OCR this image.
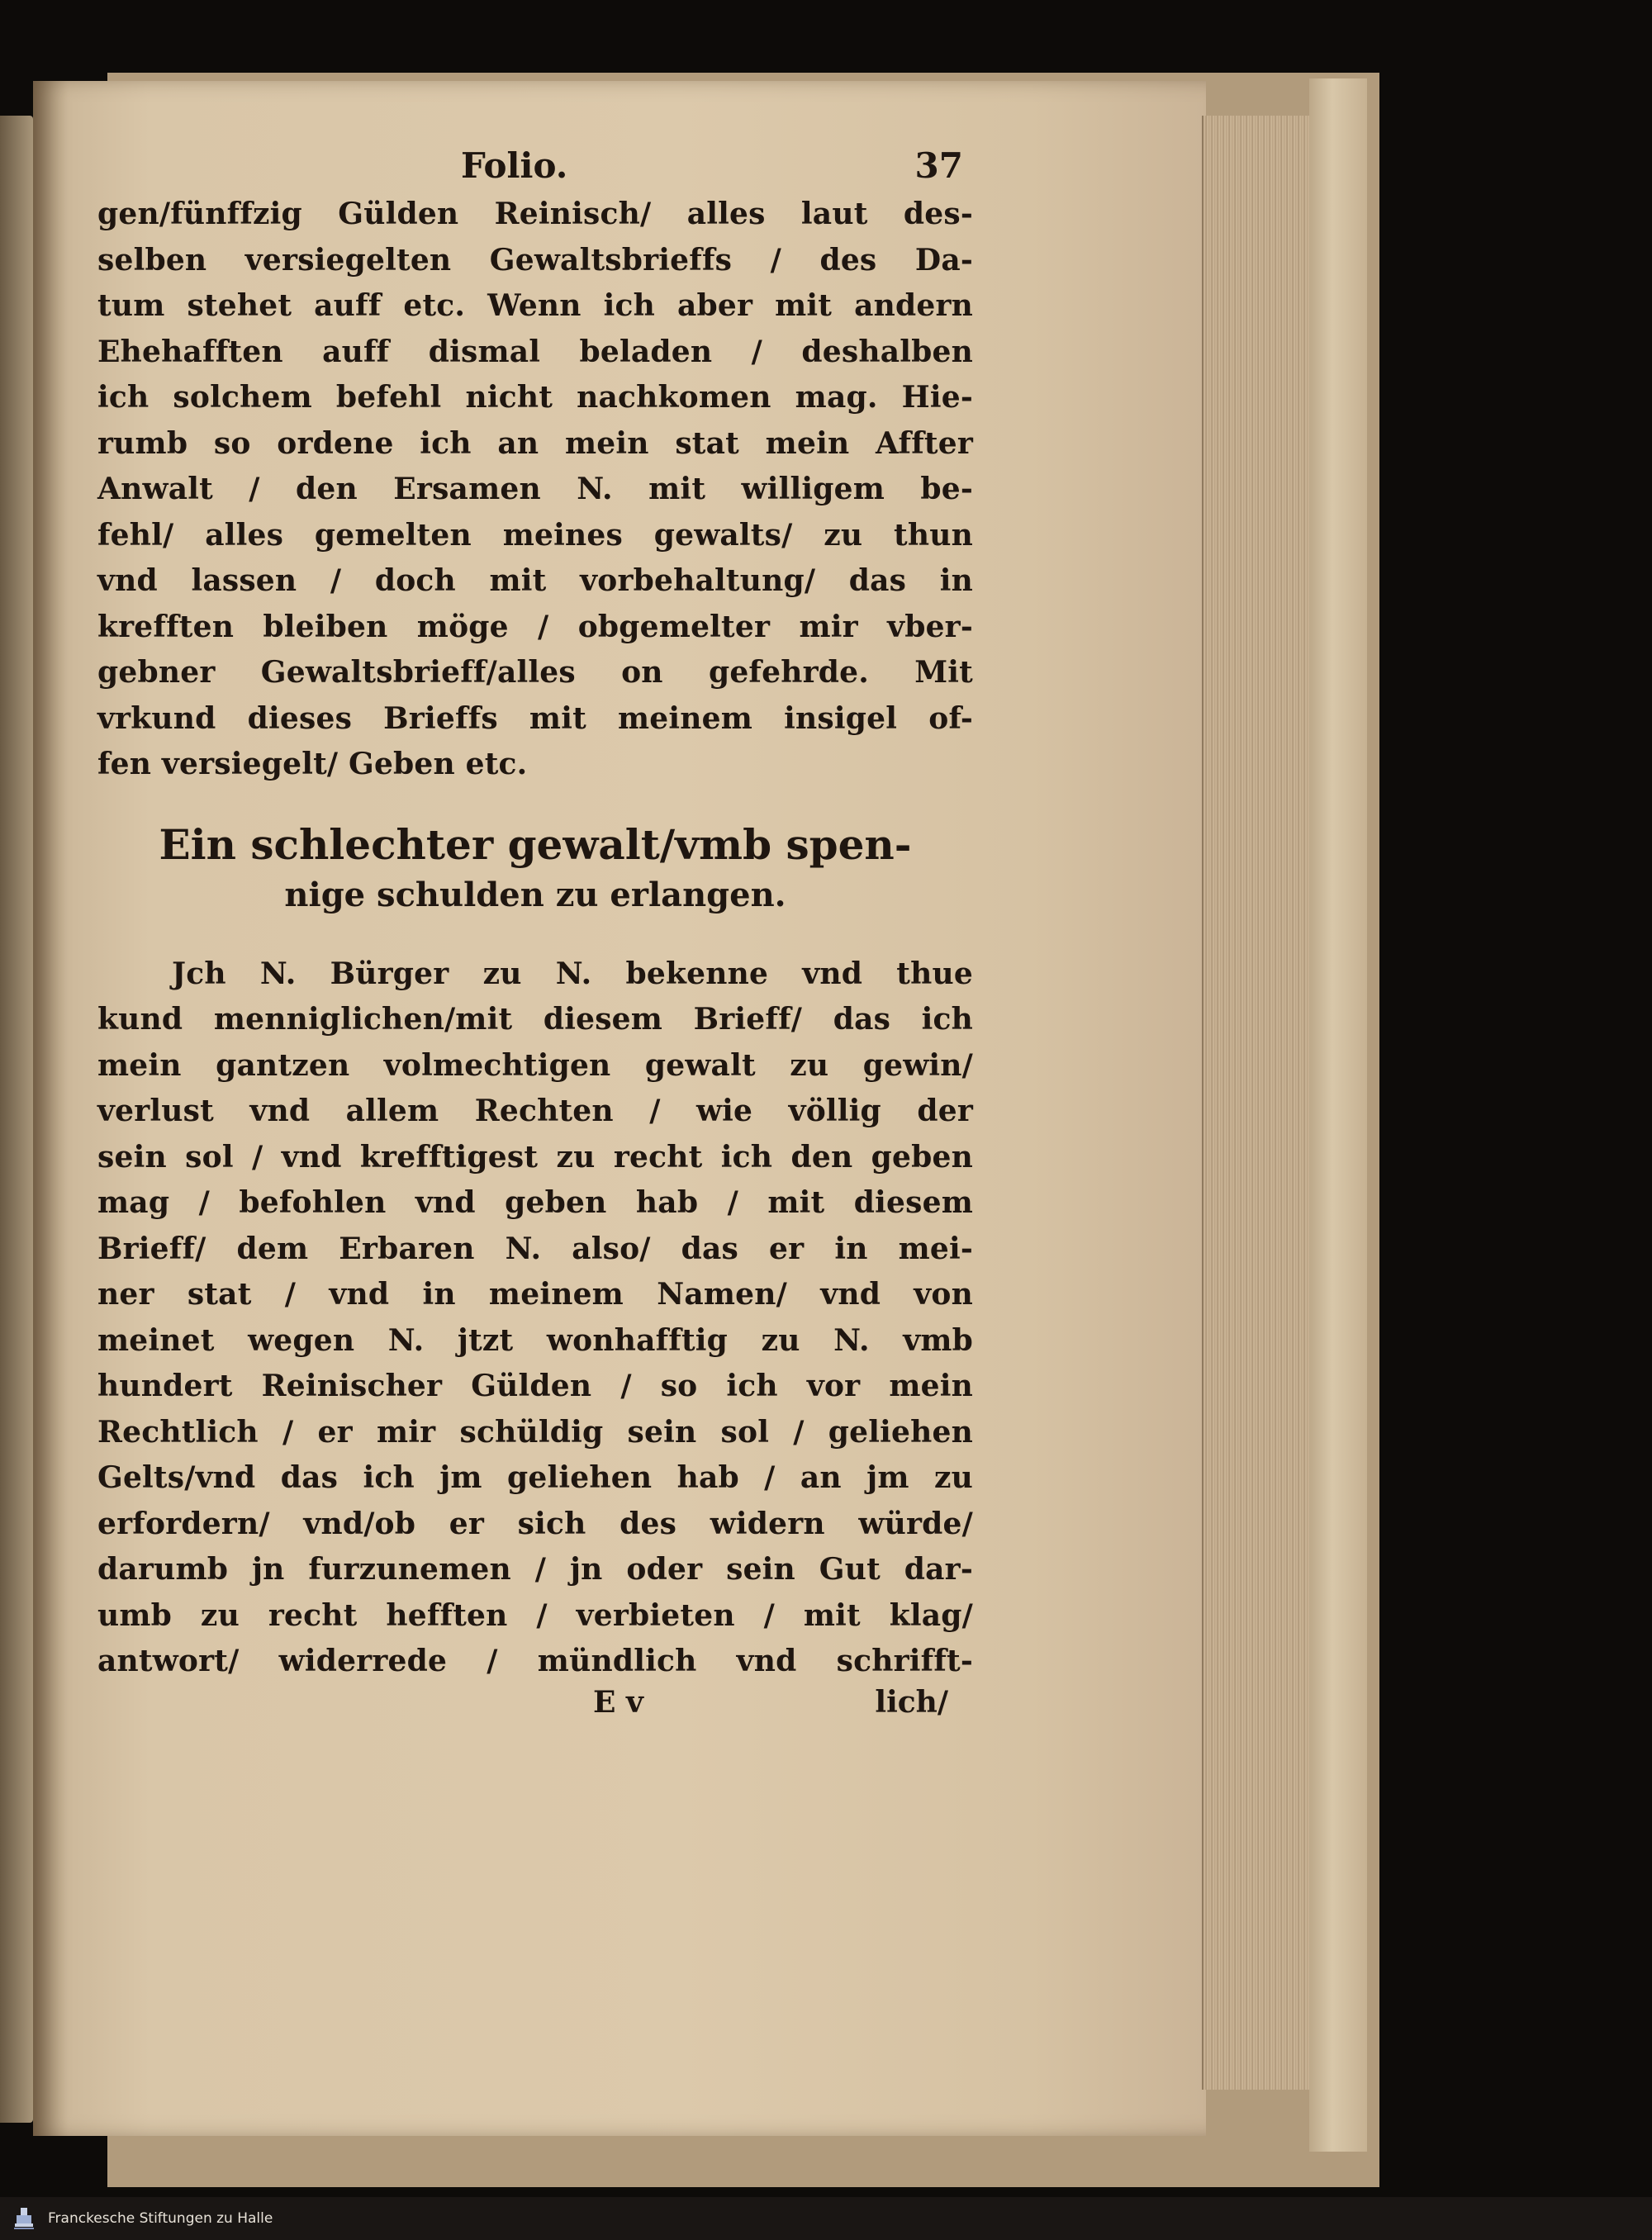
Folio.	37
gen/fünffzig Gülden Reinisch/ alles laut des-
selben versiegelten Gewaltsbrieffs / des Da-
tum stehet auff etc. Wenn ich aber mit andern
Ehehafften auff dismal beladen / deshalben
ich solchem befehl nicht nachkomen mag. Hie-
rumb so ordene ich an mein stat mein Affter
Anwalt / den Ersamen N. mit willigem be-
fehl/ alles gemelten meines gewalts/ zu thun
vnd lassen / doch mit vorbehaltung/ das in
krefften bleiben möge / obgemelter mir vber-
gebner Gewaltsbrieff/alles on gefehrde. Mit
vrkund dieses Brieffs mit meinem insigel of-
fen versiegelt/ Geben etc.
Ein schlechter gewalt/vmb spen-
nige schulden zu erlangen.
Jch N. Bürger zu N. bekenne vnd thue
kund menniglichen/mit diesem Brieff/ das ich
mein gantzen volmechtigen gewalt zu gewin/
verlust vnd allem Rechten / wie völlig der
sein sol / vnd krefftigest zu recht ich den geben
mag / befohlen vnd geben hab / mit diesem
Brieff/ dem Erbaren N. also/ das er in mei-
ner stat / vnd in meinem Namen/ vnd von
meinet wegen N. jtzt wonhafftig zu N. vmb
hundert Reinischer Gülden / so ich vor mein
Rechtlich / er mir schüldig sein sol / geliehen
Gelts/vnd das ich jm geliehen hab / an jm zu
erfordern/ vnd/ob er sich des widern würde/
darumb jn furzunemen / jn oder sein Gut dar-
umb zu recht hefften / verbieten / mit klag/
antwort/ widerrede / mündlich vnd schrifft-
E v	lich/
Franckesche Stiftungen zu Halle
